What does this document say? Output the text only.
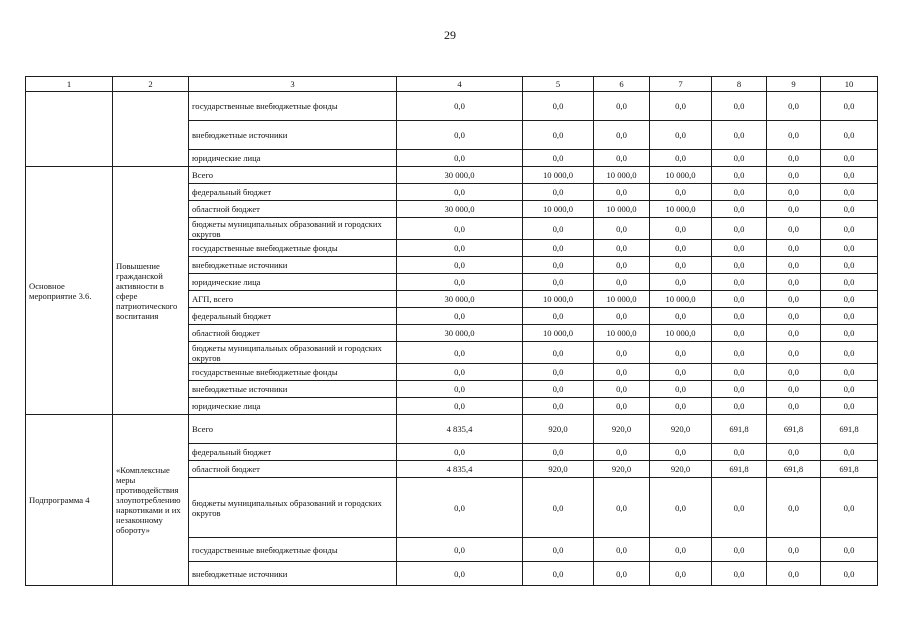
29
1	2	3	4	5	6	7	8	9	10
		государственные внебюджетные фонды	0,0	0,0	0,0	0,0	0,0	0,0	0,0
		внебюджетные источники	0,0	0,0	0,0	0,0	0,0	0,0	0,0
		юридические лица	0,0	0,0	0,0	0,0	0,0	0,0	0,0
Основное мероприятие 3.6.	Повышение гражданской активности в сфере патриотического воспитания	Всего	30 000,0	10 000,0	10 000,0	10 000,0	0,0	0,0	0,0
		федеральный бюджет	0,0	0,0	0,0	0,0	0,0	0,0	0,0
		областной бюджет	30 000,0	10 000,0	10 000,0	10 000,0	0,0	0,0	0,0
		бюджеты муниципальных образований и городских округов	0,0	0,0	0,0	0,0	0,0	0,0	0,0
		государственные внебюджетные фонды	0,0	0,0	0,0	0,0	0,0	0,0	0,0
		внебюджетные источники	0,0	0,0	0,0	0,0	0,0	0,0	0,0
		юридические лица	0,0	0,0	0,0	0,0	0,0	0,0	0,0
		АГП, всего	30 000,0	10 000,0	10 000,0	10 000,0	0,0	0,0	0,0
		федеральный бюджет	0,0	0,0	0,0	0,0	0,0	0,0	0,0
		областной бюджет	30 000,0	10 000,0	10 000,0	10 000,0	0,0	0,0	0,0
		бюджеты муниципальных образований и городских округов	0,0	0,0	0,0	0,0	0,0	0,0	0,0
		государственные внебюджетные фонды	0,0	0,0	0,0	0,0	0,0	0,0	0,0
		внебюджетные источники	0,0	0,0	0,0	0,0	0,0	0,0	0,0
		юридические лица	0,0	0,0	0,0	0,0	0,0	0,0	0,0
Подпрограмма 4	«Комплексные меры противодействия злоупотреблению наркотиками и их незаконному обороту»	Всего	4 835,4	920,0	920,0	920,0	691,8	691,8	691,8
		федеральный бюджет	0,0	0,0	0,0	0,0	0,0	0,0	0,0
		областной бюджет	4 835,4	920,0	920,0	920,0	691,8	691,8	691,8
		бюджеты муниципальных образований и городских округов	0,0	0,0	0,0	0,0	0,0	0,0	0,0
		государственные внебюджетные фонды	0,0	0,0	0,0	0,0	0,0	0,0	0,0
		внебюджетные источники	0,0	0,0	0,0	0,0	0,0	0,0	0,0
